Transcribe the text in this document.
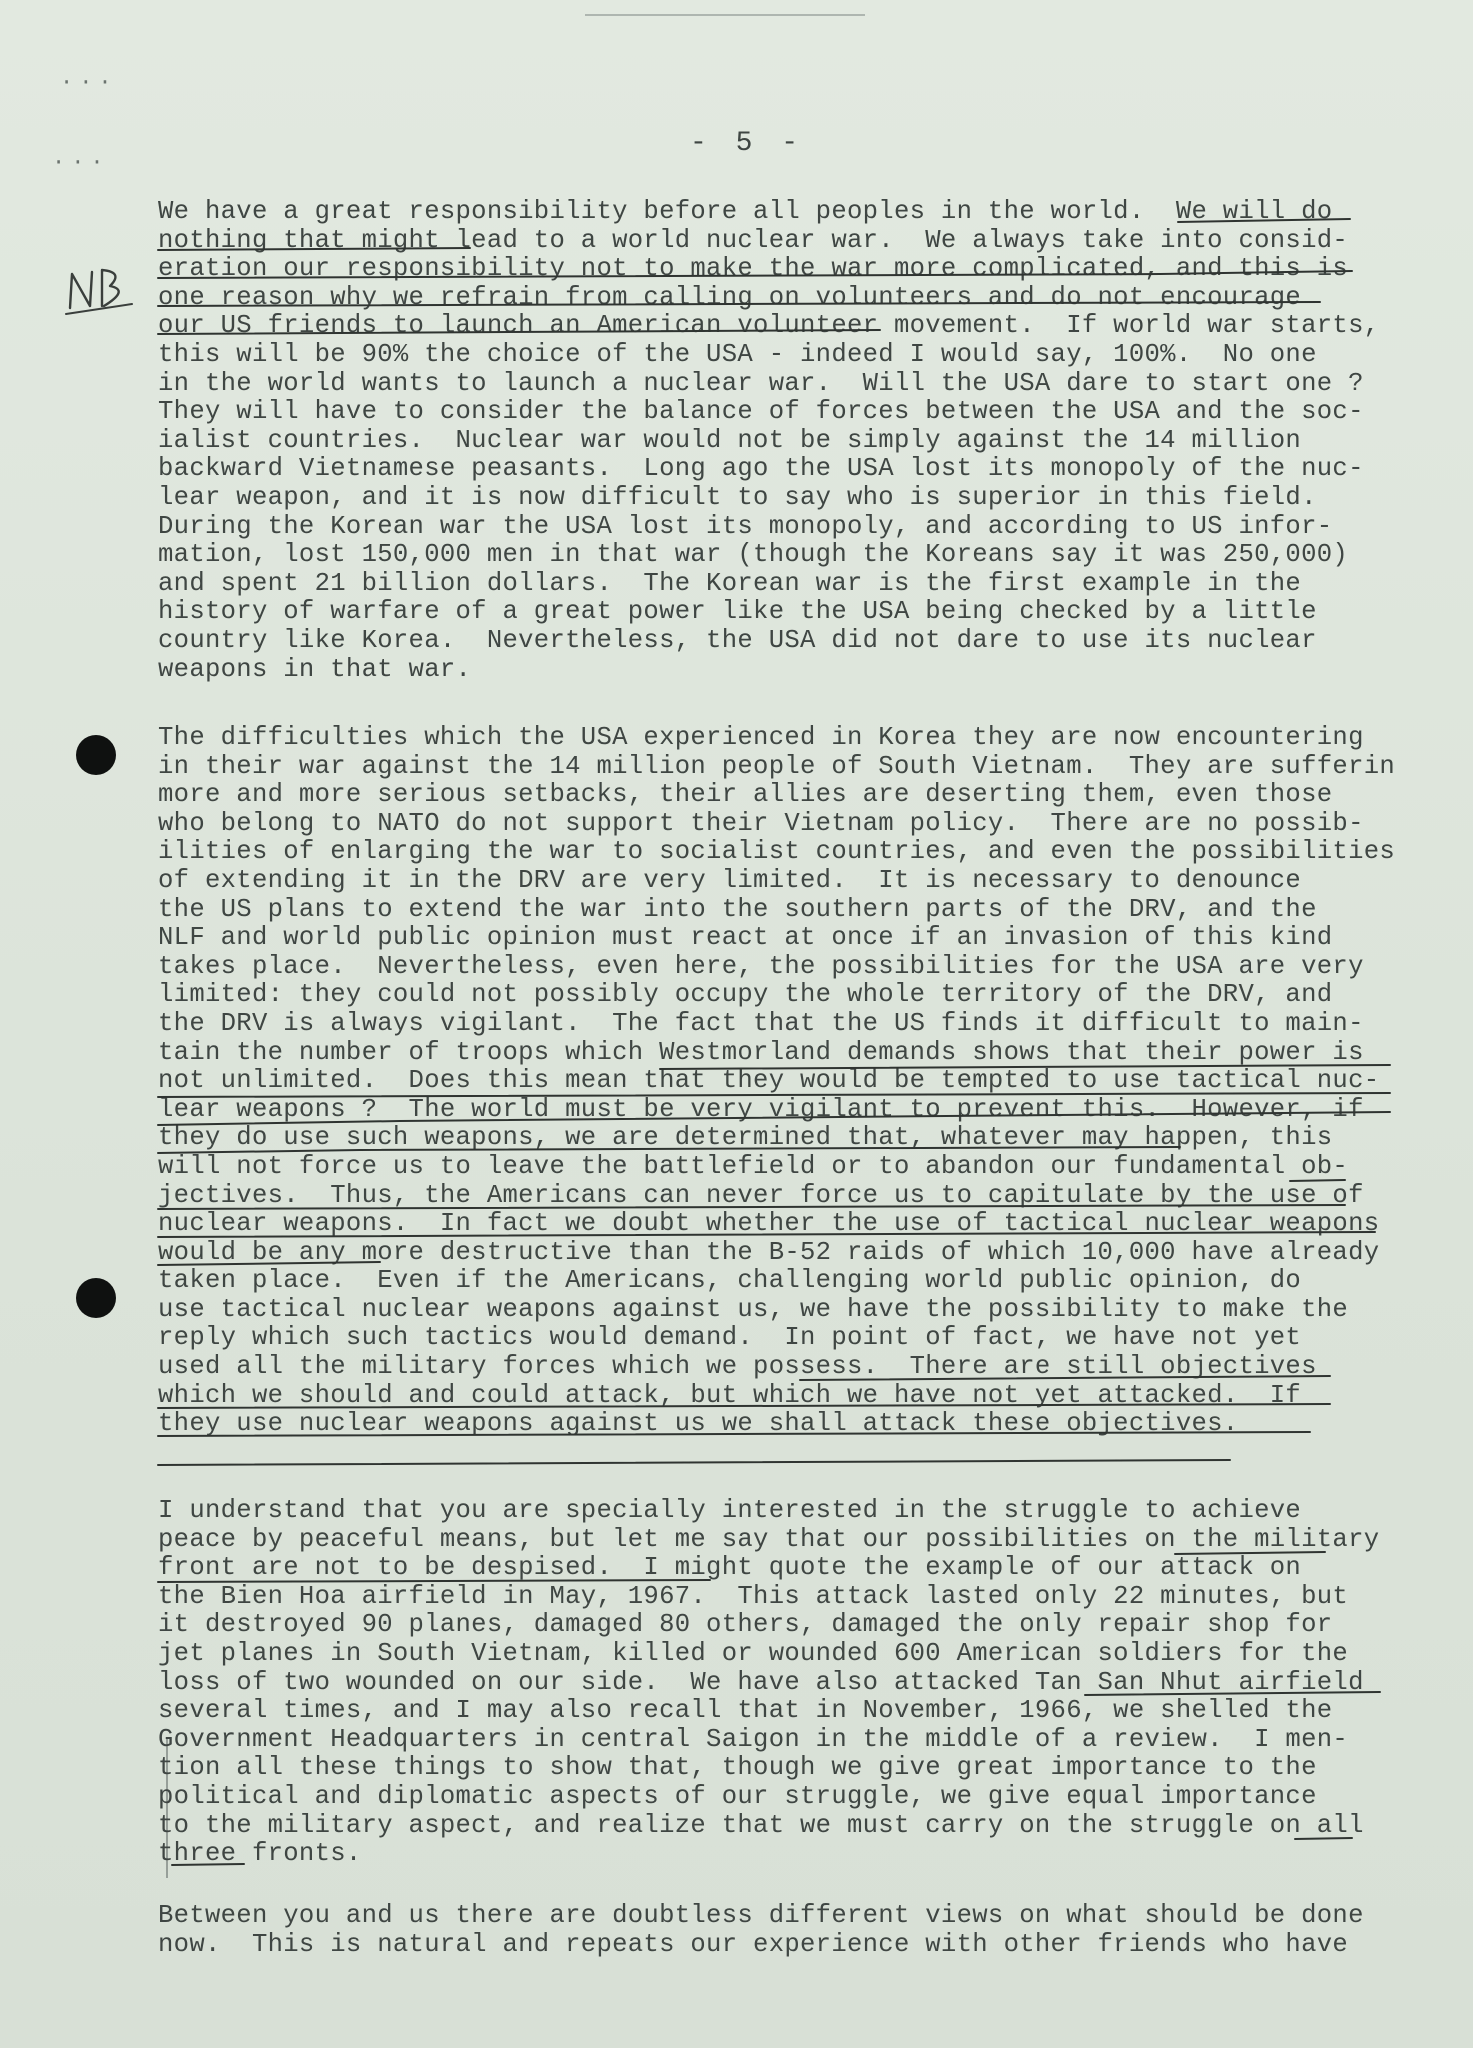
···
···
- 5 -
We have a great responsibility before all peoples in the world.  We will do
nothing that might lead to a world nuclear war.  We always take into consid-
eration our responsibility not to make the war more complicated, and this is
one reason why we refrain from calling on volunteers and do not encourage
our US friends to launch an American volunteer movement.  If world war starts,
this will be 90% the choice of the USA - indeed I would say, 100%.  No one
in the world wants to launch a nuclear war.  Will the USA dare to start one ?
They will have to consider the balance of forces between the USA and the soc-
ialist countries.  Nuclear war would not be simply against the 14 million
backward Vietnamese peasants.  Long ago the USA lost its monopoly of the nuc-
lear weapon, and it is now difficult to say who is superior in this field.
During the Korean war the USA lost its monopoly, and according to US infor-
mation, lost 150,000 men in that war (though the Koreans say it was 250,000)
and spent 21 billion dollars.  The Korean war is the first example in the
history of warfare of a great power like the USA being checked by a little
country like Korea.  Nevertheless, the USA did not dare to use its nuclear
weapons in that war.
The difficulties which the USA experienced in Korea they are now encountering
in their war against the 14 million people of South Vietnam.  They are sufferin
more and more serious setbacks, their allies are deserting them, even those
who belong to NATO do not support their Vietnam policy.  There are no possib-
ilities of enlarging the war to socialist countries, and even the possibilities
of extending it in the DRV are very limited.  It is necessary to denounce
the US plans to extend the war into the southern parts of the DRV, and the
NLF and world public opinion must react at once if an invasion of this kind
takes place.  Nevertheless, even here, the possibilities for the USA are very
limited: they could not possibly occupy the whole territory of the DRV, and
the DRV is always vigilant.  The fact that the US finds it difficult to main-
tain the number of troops which Westmorland demands shows that their power is
not unlimited.  Does this mean that they would be tempted to use tactical nuc-
lear weapons ?  The world must be very vigilant to prevent this.  However, if
they do use such weapons, we are determined that, whatever may happen, this
will not force us to leave the battlefield or to abandon our fundamental ob-
jectives.  Thus, the Americans can never force us to capitulate by the use of
nuclear weapons.  In fact we doubt whether the use of tactical nuclear weapons
would be any more destructive than the B-52 raids of which 10,000 have already
taken place.  Even if the Americans, challenging world public opinion, do
use tactical nuclear weapons against us, we have the possibility to make the
reply which such tactics would demand.  In point of fact, we have not yet
used all the military forces which we possess.  There are still objectives
which we should and could attack, but which we have not yet attacked.  If
they use nuclear weapons against us we shall attack these objectives.
I understand that you are specially interested in the struggle to achieve
peace by peaceful means, but let me say that our possibilities on the military
front are not to be despised.  I might quote the example of our attack on
the Bien Hoa airfield in May, 1967.  This attack lasted only 22 minutes, but
it destroyed 90 planes, damaged 80 others, damaged the only repair shop for
jet planes in South Vietnam, killed or wounded 600 American soldiers for the
loss of two wounded on our side.  We have also attacked Tan San Nhut airfield
several times, and I may also recall that in November, 1966, we shelled the
Government Headquarters in central Saigon in the middle of a review.  I men-
tion all these things to show that, though we give great importance to the
political and diplomatic aspects of our struggle, we give equal importance
to the military aspect, and realize that we must carry on the struggle on all
three fronts.
Between you and us there are doubtless different views on what should be done
now.  This is natural and repeats our experience with other friends who have
